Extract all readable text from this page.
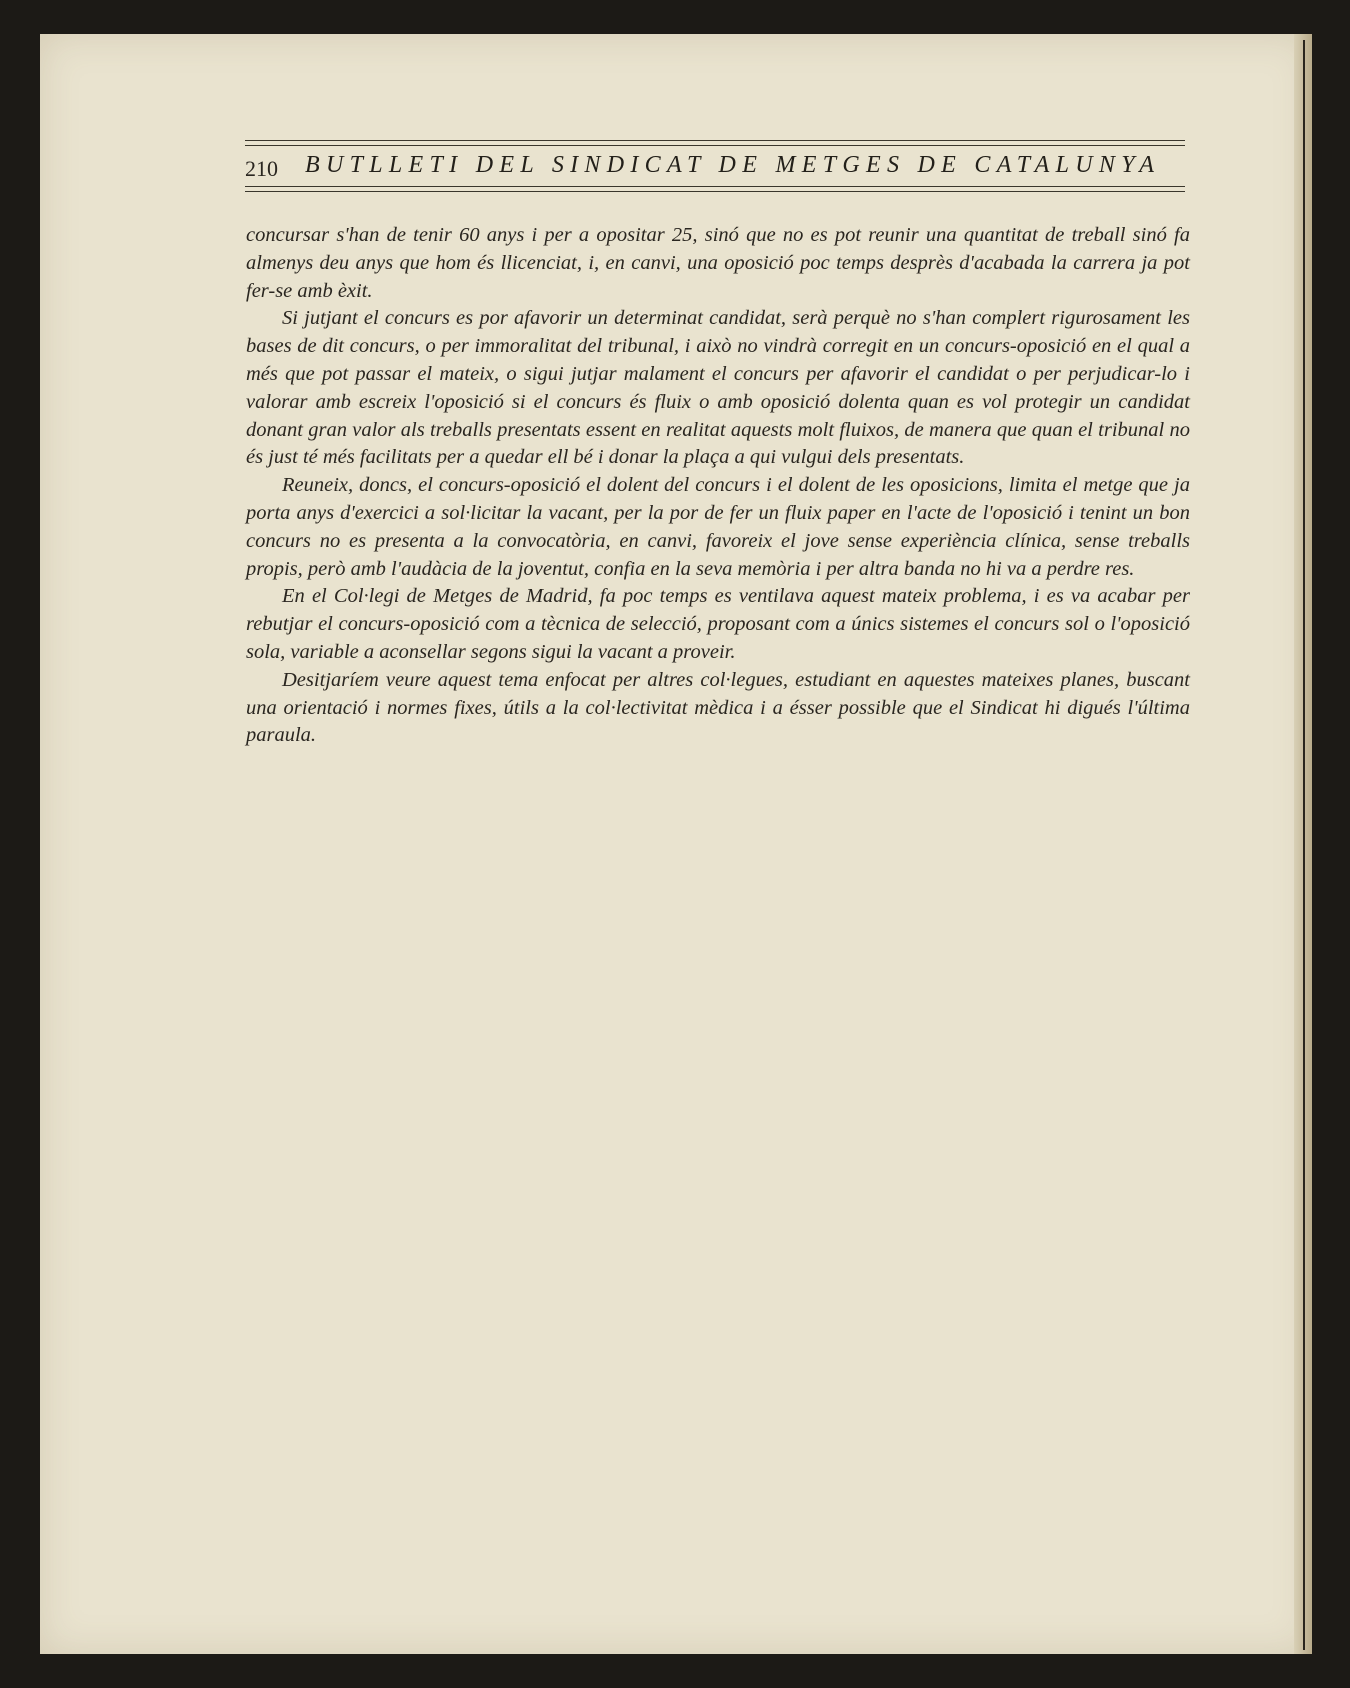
210 BUTLLETI DEL SINDICAT DE METGES DE CATALUNYA

concursar s'han de tenir 60 anys i per a opositar 25, sinó que no es pot reunir una quantitat de treball sinó fa almenys deu anys que hom és llicenciat, i, en canvi, una oposició poc temps desprès d'acabada la carrera ja pot fer-se amb èxit.

Si jutjant el concurs es por afavorir un determinat candidat, serà perquè no s'han complert rigurosament les bases de dit concurs, o per immoralitat del tribunal, i això no vindrà corregit en un concurs-oposició en el qual a més que pot passar el mateix, o sigui jutjar malament el concurs per afavorir el candidat o per perjudicar-lo i valorar amb escreix l'oposició si el concurs és fluix o amb oposició dolenta quan es vol protegir un candidat donant gran valor als treballs presentats essent en realitat aquests molt fluixos, de manera que quan el tribunal no és just té més facilitats per a quedar ell bé i donar la plaça a qui vulgui dels presentats.

Reuneix, doncs, el concurs-oposició el dolent del concurs i el dolent de les oposicions, limita el metge que ja porta anys d'exercici a sol·licitar la vacant, per la por de fer un fluix paper en l'acte de l'oposició i tenint un bon concurs no es presenta a la convocatòria, en canvi, favoreix el jove sense experiència clínica, sense treballs propis, però amb l'audàcia de la joventut, confia en la seva memòria i per altra banda no hi va a perdre res.

En el Col·legi de Metges de Madrid, fa poc temps es ventilava aquest mateix problema, i es va acabar per rebutjar el concurs-oposició com a tècnica de selecció, proposant com a únics sistemes el concurs sol o l'oposició sola, variable a aconsellar segons sigui la vacant a proveir.

Desitjaríem veure aquest tema enfocat per altres col·legues, estudiant en aquestes mateixes planes, buscant una orientació i normes fixes, útils a la col·lectivitat mèdica i a ésser possible que el Sindicat hi digués l'última paraula.
